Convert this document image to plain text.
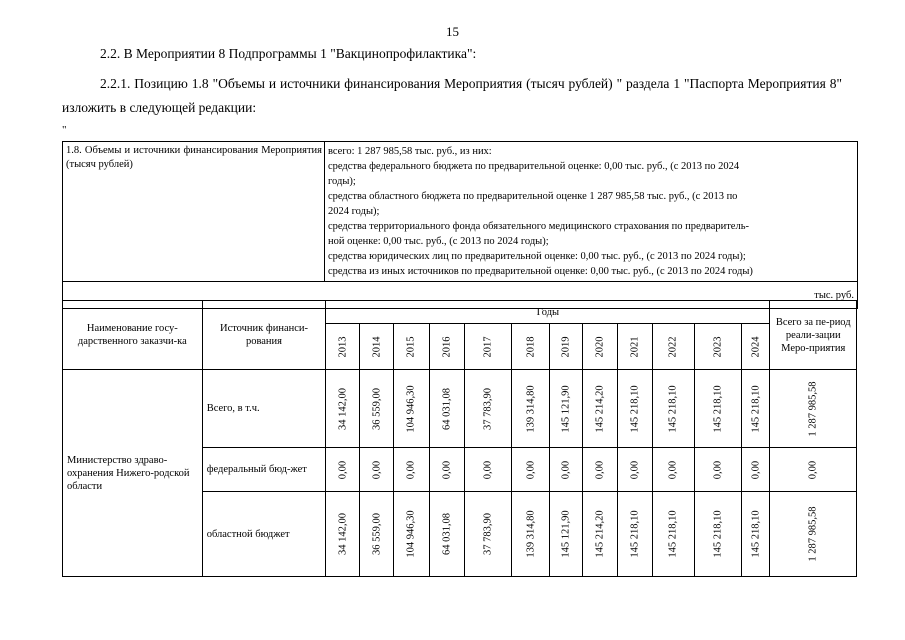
15
2.2. В Мероприятии 8 Подпрограммы 1 "Вакцинопрофилактика":
2.2.1. Позицию 1.8 "Объемы и источники финансирования Мероприятия (тысяч рублей) " раздела 1 "Паспорта Мероприятия 8" изложить в следующей редакции:
"
1.8. Объемы и источники финансирования Мероприятия (тысяч рублей)	
всего: 1 287 985,58 тыс. руб., из них:
средства федерального бюджета по предварительной оценке: 0,00 тыс. руб., (с 2013 по 2024
годы);
средства областного бюджета по предварительной оценке 1 287 985,58 тыс. руб., (с 2013 по
2024 годы);
средства территориального фонда обязательного медицинского страхования по предваритель-
ной оценке: 0,00 тыс. руб., (с 2013 по 2024 годы);
средства юридических лиц по предварительной оценке: 0,00 тыс. руб., (с 2013 по 2024 годы);
средства из иных источников по предварительной оценке: 0,00 тыс. руб., (с 2013 по 2024 годы)

тыс. руб.
Наименование госу-дарственного заказчи-ка	Источник финанси-рования	Годы												Всего за пе-риод реали-зации Меро-приятия

		2013	2014	2015	2016	2017	2018	2019	2020	2021	2022	2023	2024	

Министерство здраво-охранения Нижего-родской области	Всего, в т.ч.	34 142,00	36 559,00	104 946,30	64 031,08	37 783,90	139 314,80	145 121,90	145 214,20	145 218,10	145 218,10	145 218,10	145 218,10	1 287 985,58

	федеральный бюд-жет	0,00	0,00	0,00	0,00	0,00	0,00	0,00	0,00	0,00	0,00	0,00	0,00	0,00

	областной бюджет	34 142,00	36 559,00	104 946,30	64 031,08	37 783,90	139 314,80	145 121,90	145 214,20	145 218,10	145 218,10	145 218,10	145 218,10	1 287 985,58
